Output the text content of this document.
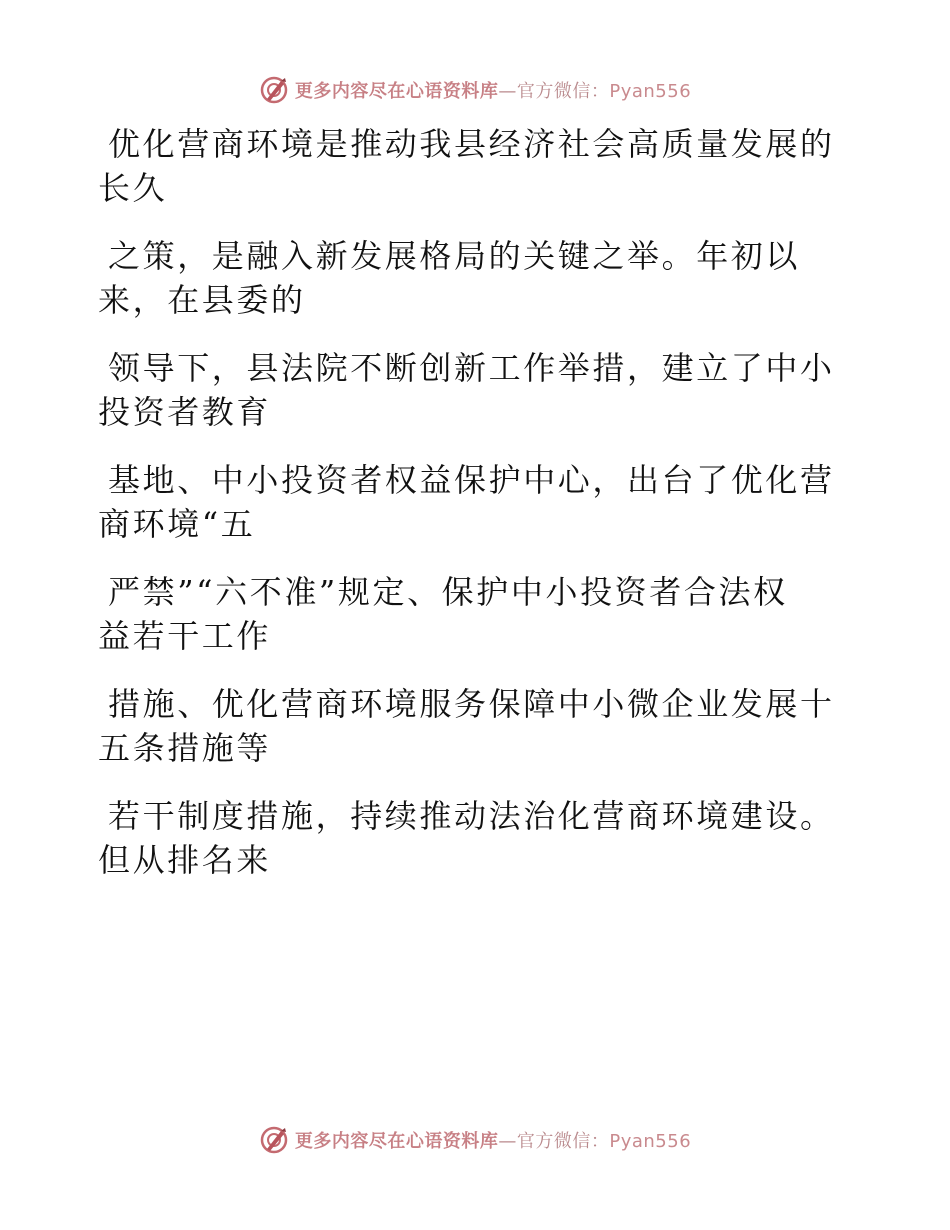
更多内容尽在心语资料库—官方微信：Pyan556
优化营商环境是推动我县经济社会高质量发展的
长久
之策，是融入新发展格局的关键之举。年初以
来，在县委的
领导下，县法院不断创新工作举措，建立了中小
投资者教育
基地、中小投资者权益保护中心，出台了优化营
商环境“五
严禁”“六不准”规定、保护中小投资者合法权
益若干工作
措施、优化营商环境服务保障中小微企业发展十
五条措施等
若干制度措施，持续推动法治化营商环境建设。
但从排名来
更多内容尽在心语资料库—官方微信：Pyan556
